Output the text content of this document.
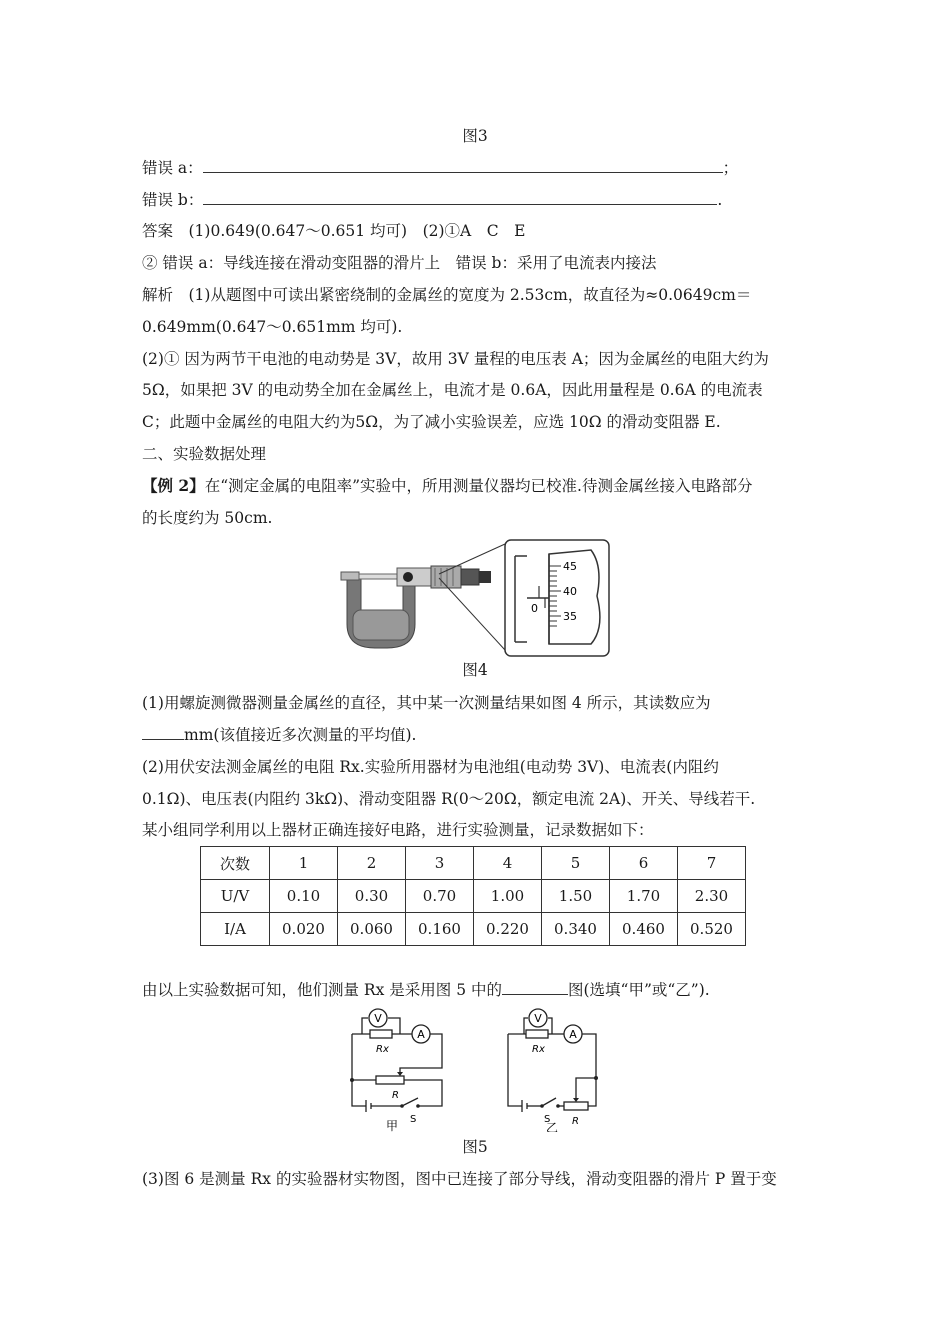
图3
错误 a：	；
错误 b：	.
答案　(1)0.649(0.647～0.651 均可)　(2)①A　C　E
② 错误 a：导线连接在滑动变阻器的滑片上　错误 b：采用了电流表内接法
解析　(1)从题图中可读出紧密绕制的金属丝的宽度为 2.53cm，故直径为≈0.0649cm＝
0.649mm(0.647～0.651mm 均可).
(2)① 因为两节干电池的电动势是 3V，故用 3V 量程的电压表 A；因为金属丝的电阻大约为
5Ω，如果把 3V 的电动势全加在金属丝上，电流才是 0.6A，因此用量程是 0.6A 的电流表
C；此题中金属丝的电阻大约为5Ω，为了减小实验误差，应选 10Ω 的滑动变阻器 E.
二、实验数据处理
【例 2】在“测定金属的电阻率”实验中，所用测量仪器均已校准.待测金属丝接入电路部分
的长度约为 50cm.
45
40
35
0
图4
(1)用螺旋测微器测量金属丝的直径，其中某一次测量结果如图 4 所示，其读数应为
mm(该值接近多次测量的平均值).
(2)用伏安法测金属丝的电阻 Rx.实验所用器材为电池组(电动势 3V)、电流表(内阻约
0.1Ω)、电压表(内阻约 3kΩ)、滑动变阻器 R(0～20Ω，额定电流 2A)、开关、导线若干.
某小组同学利用以上器材正确连接好电路，进行实验测量，记录数据如下：
次数	1	2	3	4	5	6	7
U/V	0.10	0.30	0.70	1.00	1.50	1.70	2.30
I/A	0.020	0.060	0.160	0.220	0.340	0.460	0.520
由以上实验数据可知，他们测量 Rx 是采用图 5 中的	图(选填“甲”或“乙”).
V
A
Rx
R
S
甲
V
A
Rx
R
S
乙
图5
(3)图 6 是测量 Rx 的实验器材实物图，图中已连接了部分导线，滑动变阻器的滑片 P 置于变
